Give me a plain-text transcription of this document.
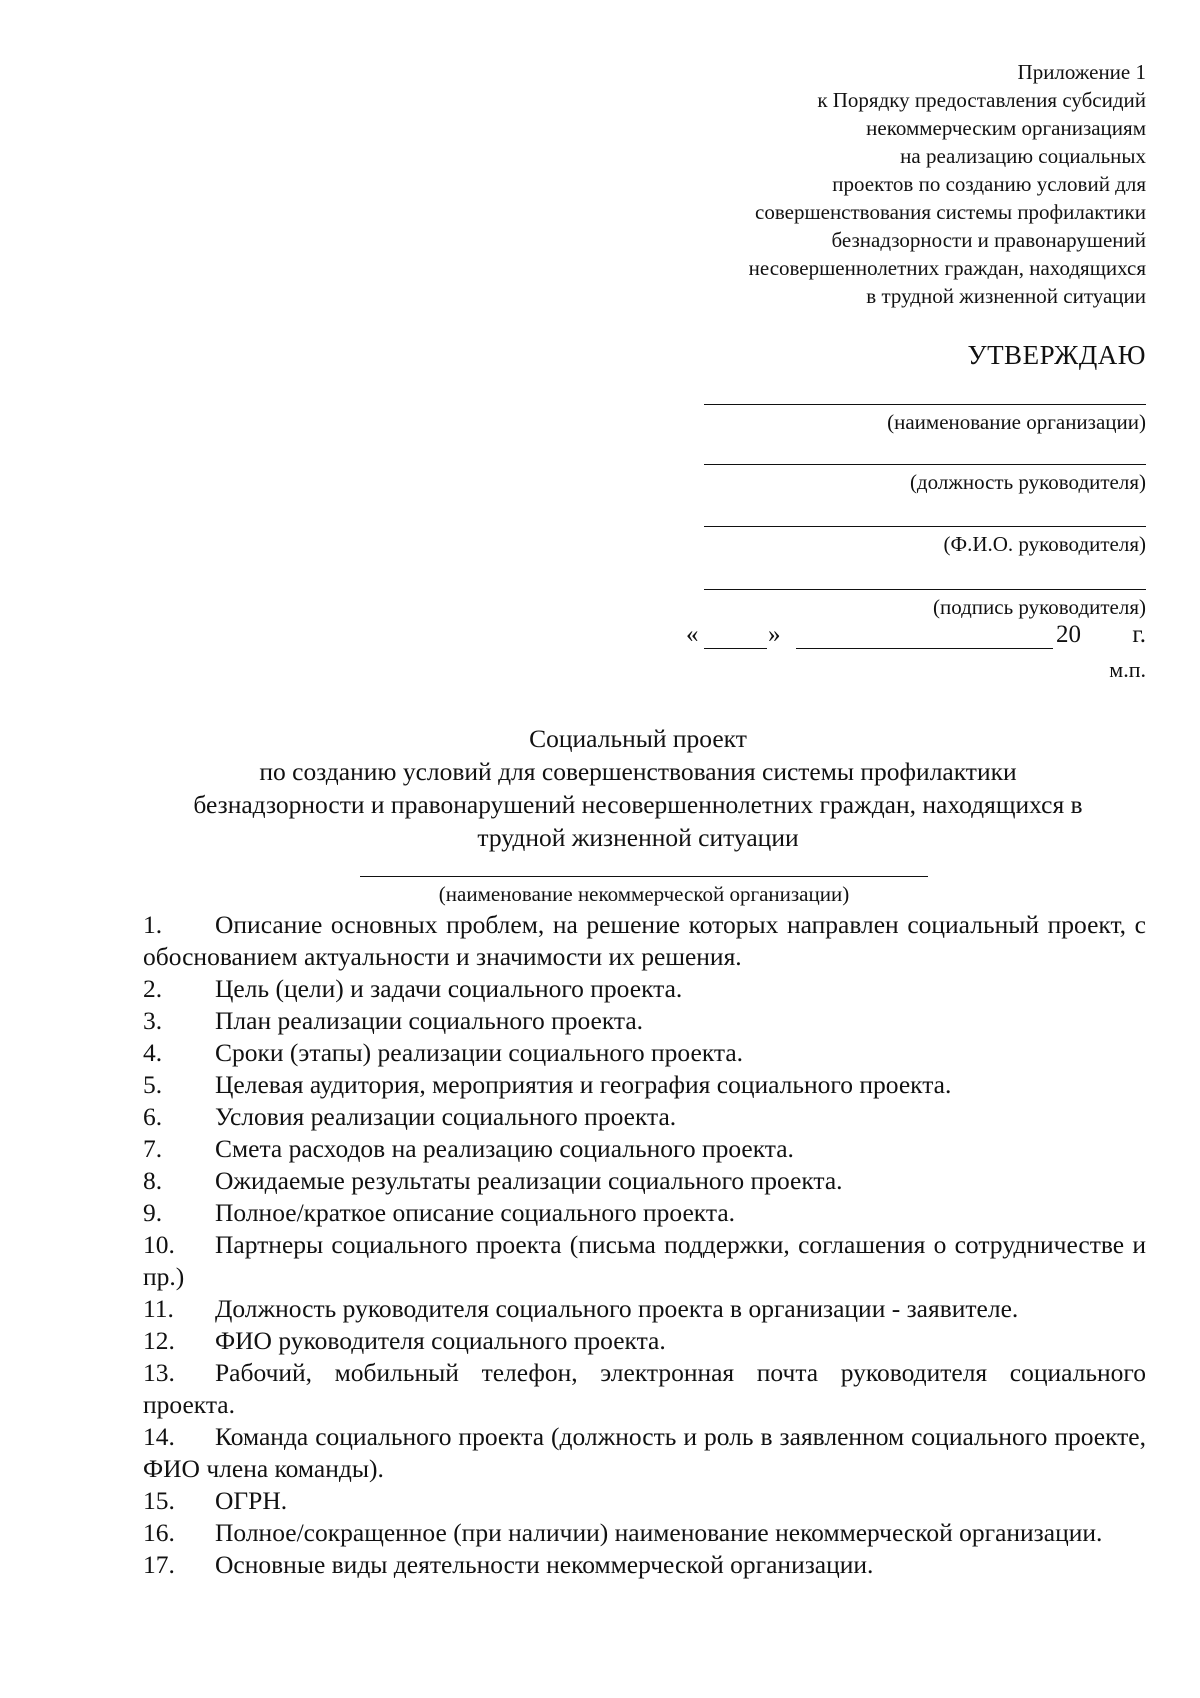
Приложение 1
к Порядку предоставления субсидий
некоммерческим организациям
на реализацию социальных
проектов по созданию условий для
совершенствования системы профилактики
безнадзорности и правонарушений
несовершеннолетних граждан, находящихся
в трудной жизненной ситуации
УТВЕРЖДАЮ
(наименование организации)
(должность руководителя)
(Ф.И.О. руководителя)
(подпись руководителя)
«	»	20 г.
м.п.
Социальный проект
по созданию условий для совершенствования системы профилактики
безнадзорности и правонарушений несовершеннолетних граждан, находящихся в
трудной жизненной ситуации
(наименование некоммерческой организации)
1. Описание основных проблем, на решение которых направлен социальный проект, с обоснованием актуальности и значимости их решения.
2. Цель (цели) и задачи социального проекта.
3. План реализации социального проекта.
4. Сроки (этапы) реализации социального проекта.
5. Целевая аудитория, мероприятия и география социального проекта.
6. Условия реализации социального проекта.
7. Смета расходов на реализацию социального проекта.
8. Ожидаемые результаты реализации социального проекта.
9. Полное/краткое описание социального проекта.
10. Партнеры социального проекта (письма поддержки, соглашения о сотрудничестве и пр.)
11. Должность руководителя социального проекта в организации - заявителе.
12. ФИО руководителя социального проекта.
13. Рабочий, мобильный телефон, электронная почта руководителя социального проекта.
14. Команда социального проекта (должность и роль в заявленном социального проекте, ФИО члена команды).
15. ОГРН.
16. Полное/сокращенное (при наличии) наименование некоммерческой организации.
17. Основные виды деятельности некоммерческой организации.
